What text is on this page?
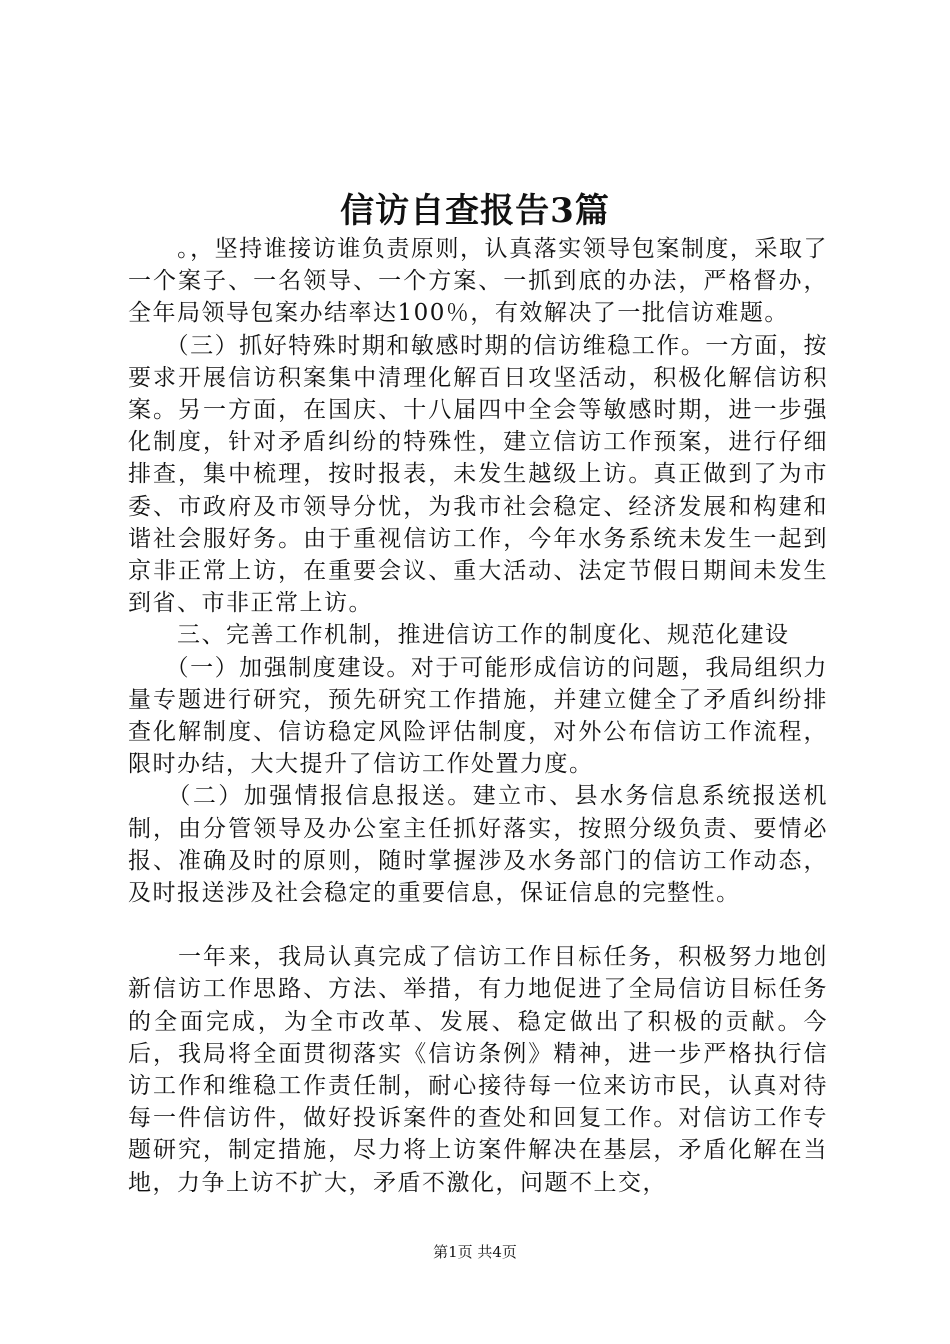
信访自查报告3篇

　　。，坚持谁接访谁负责原则，认真落实领导包案制度，采取了一个案子、一名领导、一个方案、一抓到底的办法，严格督办，全年局领导包案办结率达100％，有效解决了一批信访难题。

　　（三）抓好特殊时期和敏感时期的信访维稳工作。一方面，按要求开展信访积案集中清理化解百日攻坚活动，积极化解信访积案。另一方面，在国庆、十八届四中全会等敏感时期，进一步强化制度，针对矛盾纠纷的特殊性，建立信访工作预案，进行仔细排查，集中梳理，按时报表，未发生越级上访。真正做到了为市委、市政府及市领导分忧，为我市社会稳定、经济发展和构建和谐社会服好务。由于重视信访工作，今年水务系统未发生一起到京非正常上访，在重要会议、重大活动、法定节假日期间未发生到省、市非正常上访。

　　三、完善工作机制，推进信访工作的制度化、规范化建设

　　（一）加强制度建设。对于可能形成信访的问题，我局组织力量专题进行研究，预先研究工作措施，并建立健全了矛盾纠纷排查化解制度、信访稳定风险评估制度，对外公布信访工作流程，限时办结，大大提升了信访工作处置力度。

　　（二）加强情报信息报送。建立市、县水务信息系统报送机制，由分管领导及办公室主任抓好落实，按照分级负责、要情必报、准确及时的原则，随时掌握涉及水务部门的信访工作动态，及时报送涉及社会稳定的重要信息，保证信息的完整性。

　　一年来，我局认真完成了信访工作目标任务，积极努力地创新信访工作思路、方法、举措，有力地促进了全局信访目标任务的全面完成，为全市改革、发展、稳定做出了积极的贡献。今后，我局将全面贯彻落实《信访条例》精神，进一步严格执行信访工作和维稳工作责任制，耐心接待每一位来访市民，认真对待每一件信访件，做好投诉案件的查处和回复工作。对信访工作专题研究，制定措施，尽力将上访案件解决在基层，矛盾化解在当地，力争上访不扩大，矛盾不激化，问题不上交，

第1页 共4页
